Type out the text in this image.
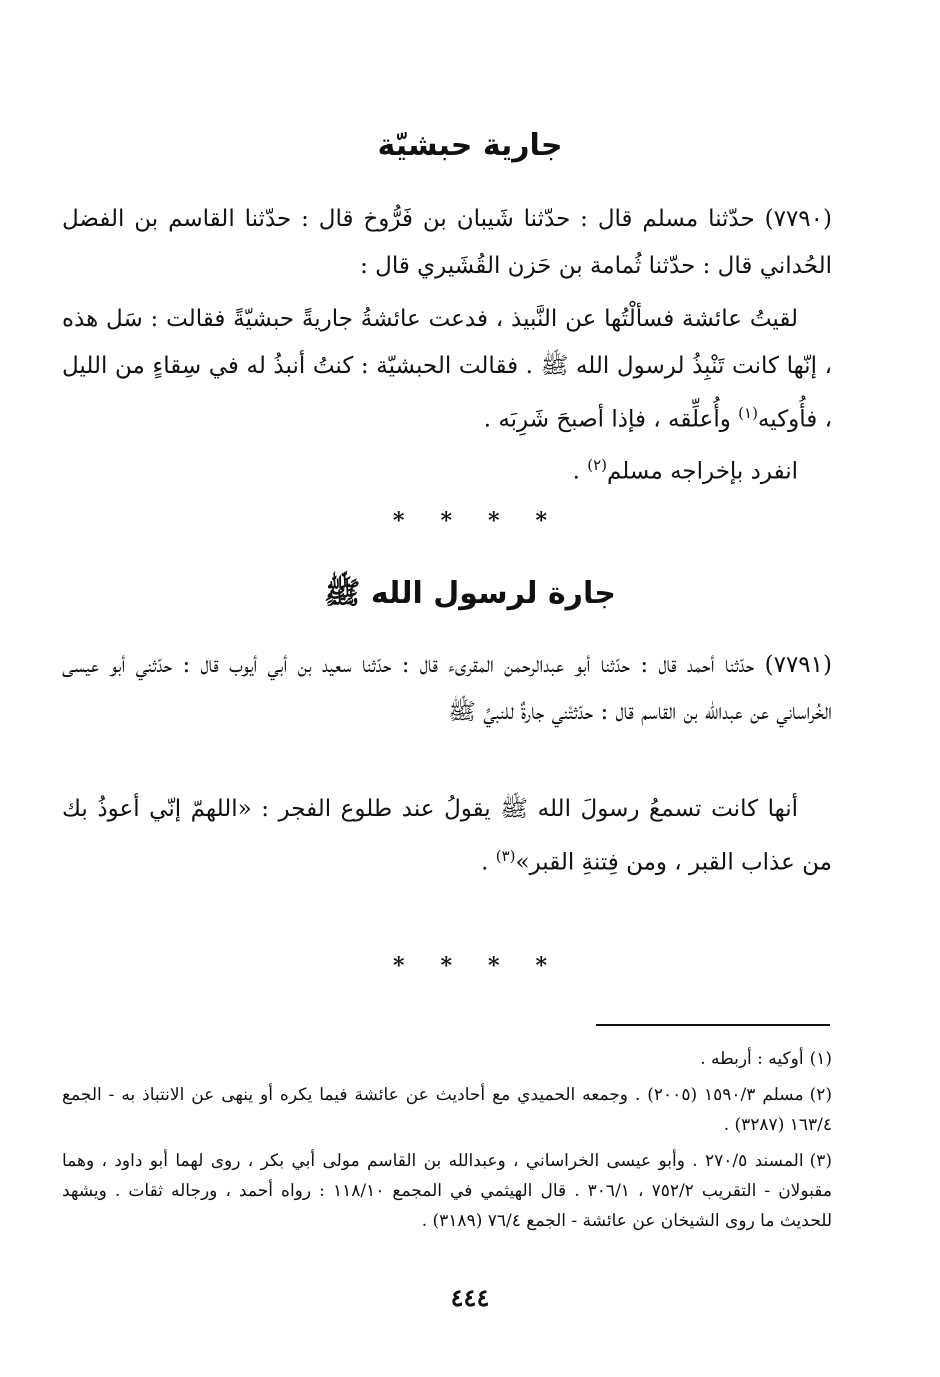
جارية حبشيّة
(٧٧٩٠) حدّثنا مسلم قال : حدّثنا شَيبان بن فَرُّوخ قال : حدّثنا القاسم بن الفضل
الحُداني قال : حدّثنا ثُمامة بن حَزن القُشَيري قال :
لقيتُ عائشة فسألْتُها عن النَّبيذ ، فدعت عائشةُ جاريةً حبشيّةً فقالت : سَل هذه ، إنّها كانت تَنْبِذُ لرسول الله ﷺ . فقالت الحبشيّة : كنتُ أنبذُ له في سِقاءٍ من الليل ، فأُوكيه$^{(١)}$ وأُعلِّقه ، فإذا أصبحَ شَرِبَه .
انفرد بإخراجه مسلم$^{(٢)}$ .
****
جارة لرسول الله ﷺ
(٧٧٩١) حدّثنا أحمد قال : حدّثنا أبو عبدالرحمن المقرىء قال : حدّثنا سعيد بن أبي أيوب قال : حدّثني أبو عيسى الخُراساني عن عبدالله بن القاسم قال : حدّثتْني جارةٌ للنبيِّ ﷺ
أنها كانت تسمعُ رسولَ الله ﷺ يقولُ عند طلوع الفجر : «اللهمّ إنّي أعوذُ بك من عذاب القبر ، ومن فِتنةِ القبر»$^{(٣)}$ .
****
(١)أوكيه : أربطه .
(٢)مسلم ١٥٩٠/٣ (٢٠٠٥) . وجمعه الحميدي مع أحاديث عن عائشة فيما يكره أو ينهى عن الانتباذ به - الجمع ١٦٣/٤ (٣٢٨٧) .
(٣)المسند ٢٧٠/٥ . وأبو عيسى الخراساني ، وعبدالله بن القاسم مولى أبي بكر ، روى لهما أبو داود ، وهما مقبولان - التقريب ٧٥٢/٢ ، ٣٠٦/١ . قال الهيثمي في المجمع ١١٨/١٠ : رواه أحمد ، ورجاله ثقات . ويشهد للحديث ما روى الشيخان عن عائشة - الجمع ٧٦/٤ (٣١٨٩) .
٤٤٤
